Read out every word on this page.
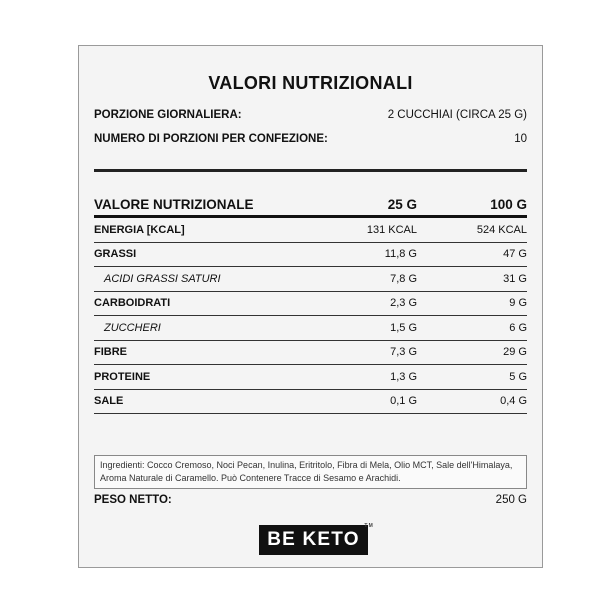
VALORI NUTRIZIONALI
PORZIONE GIORNALIERA:	2 CUCCHIAI (CIRCA 25 G)
NUMERO DI PORZIONI PER CONFEZIONE:	10
VALORE NUTRIZIONALE	25 G	100 G
ENERGIA [KCAL]	131 KCAL	524 KCAL
GRASSI	11,8 G	47 G
ACIDI GRASSI SATURI	7,8 G	31 G
CARBOIDRATI	2,3 G	9 G
ZUCCHERI	1,5 G	6 G
FIBRE	7,3 G	29 G
PROTEINE	1,3 G	5 G
SALE	0,1 G	0,4 G
Ingredienti: Cocco Cremoso, Noci Pecan, Inulina, Eritritolo, Fibra di Mela, Olio MCT, Sale dell'Himalaya, Aroma Naturale di Caramello. Può Contenere Tracce di Sesamo e Arachidi.
PESO NETTO:	250 G
BE KETO
TM
